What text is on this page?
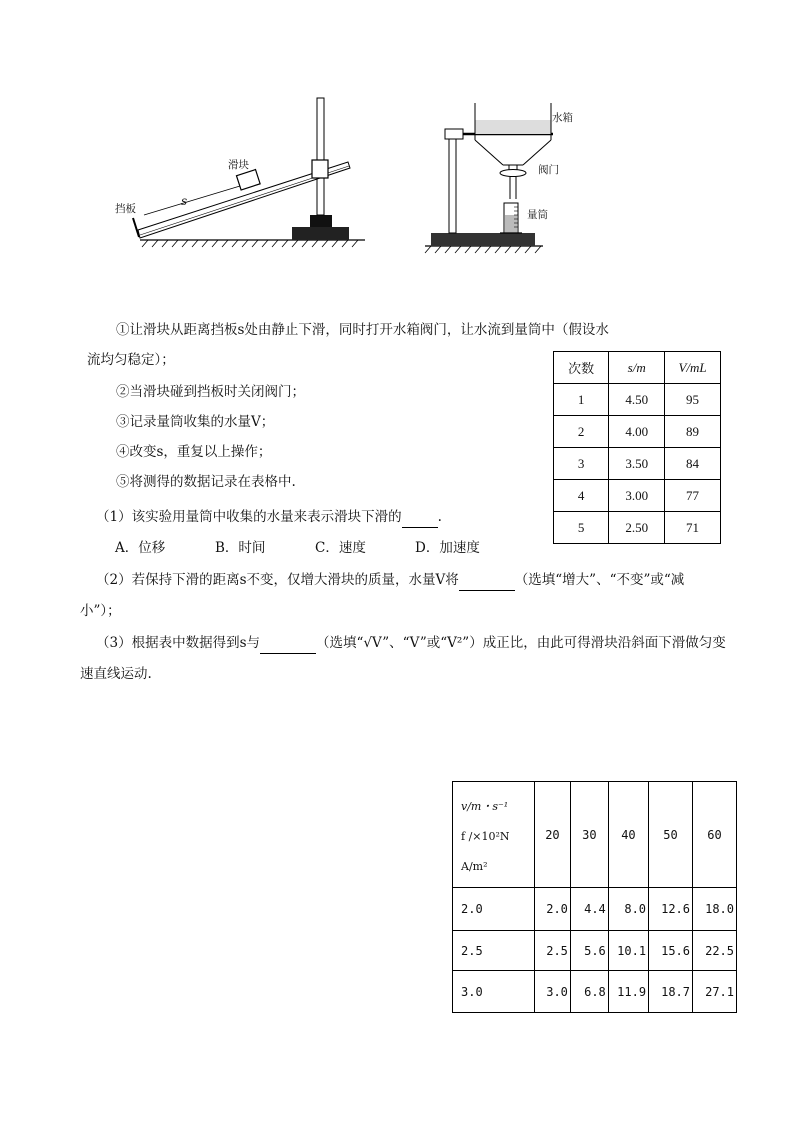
滑块
挡板
s
水箱
阀门
量筒
①让滑块从距离挡板s处由静止下滑，同时打开水箱阀门，让水流到量筒中（假设水
流均匀稳定）；
②当滑块碰到挡板时关闭阀门；
③记录量筒收集的水量V；
④改变s，重复以上操作；
⑤将测得的数据记录在表格中.
次数	s/m	V/mL
1	4.50	95
2	4.00	89
3	3.50	84
4	3.00	77
5	2.50	71
（1）该实验用量筒中收集的水量来表示滑块下滑的	.
A．位移	B．时间	C．速度	D．加速度
（2）若保持下滑的距离s不变，仅增大滑块的质量，水量V将	（选填“增大”、“不变”或“减
小”）；
（3）根据表中数据得到s与	（选填“√V”、“V”或“V²”）成正比，由此可得滑块沿斜面下滑做匀变
速直线运动.
v/m・s⁻¹
f /×10²N
A/m²	20	30	40	50	60
2.0	2.0	4.4	8.0	12.6	18.0
2.5	2.5	5.6	10.1	15.6	22.5
3.0	3.0	6.8	11.9	18.7	27.1
